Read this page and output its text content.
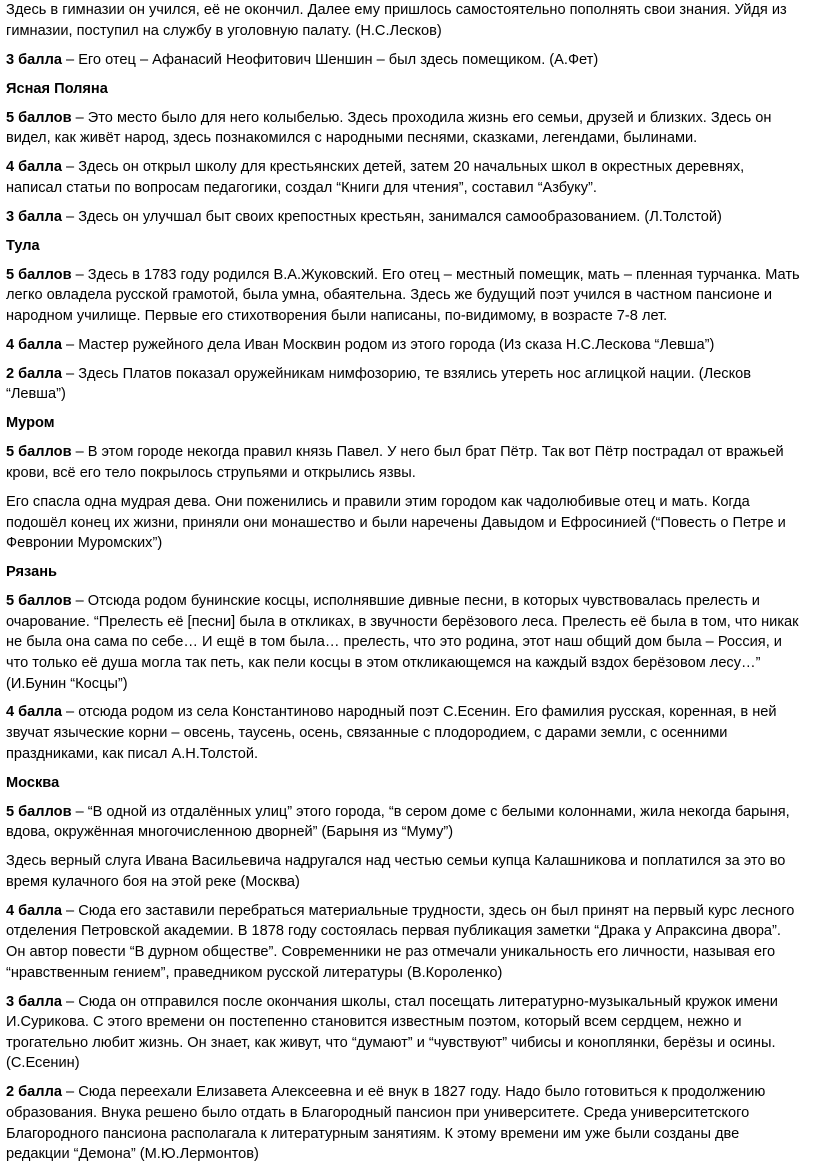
Здесь в гимназии он учился, её не окончил. Далее ему пришлось самостоятельно пополнять свои знания. Уйдя из гимназии, поступил на службу в уголовную палату. (Н.С.Лесков)

3 балла – Его отец – Афанасий Неофитович Шеншин – был здесь помещиком. (А.Фет)

Ясная Поляна

5 баллов – Это место было для него колыбелью. Здесь проходила жизнь его семьи, друзей и близких. Здесь он видел, как живёт народ, здесь познакомился с народными песнями, сказками, легендами, былинами.

4 балла – Здесь он открыл школу для крестьянских детей, затем 20 начальных школ в окрестных деревнях, написал статьи по вопросам педагогики, создал “Книги для чтения”, составил “Азбуку”.

3 балла – Здесь он улучшал быт своих крепостных крестьян, занимался самообразованием. (Л.Толстой)

Тула

5 баллов – Здесь в 1783 году родился В.А.Жуковский. Его отец – местный помещик, мать – пленная турчанка. Мать легко овладела русской грамотой, была умна, обаятельна. Здесь же будущий поэт учился в частном пансионе и народном училище. Первые его стихотворения были написаны, по-видимому, в возрасте 7-8 лет.

4 балла – Мастер ружейного дела Иван Москвин родом из этого города (Из сказа Н.С.Лескова “Левша”)

2 балла – Здесь Платов показал оружейникам нимфозорию, те взялись утереть нос аглицкой нации. (Лесков “Левша”)

Муром

5 баллов – В этом городе некогда правил князь Павел. У него был брат Пётр. Так вот Пётр пострадал от вражьей крови, всё его тело покрылось струпьями и открылись язвы.

Его спасла одна мудрая дева. Они поженились и правили этим городом как чадолюбивые отец и мать. Когда подошёл конец их жизни, приняли они монашество и были наречены Давыдом и Ефросинией (“Повесть о Петре и Февронии Муромских”)

Рязань

5 баллов – Отсюда родом бунинские косцы, исполнявшие дивные песни, в которых чувствовалась прелесть и очарование. “Прелесть её [песни] была в откликах, в звучности берёзового леса. Прелесть её была в том, что никак не была она сама по себе… И ещё в том была… прелесть, что это родина, этот наш общий дом была – Россия, и что только её душа могла так петь, как пели косцы в этом откликающемся на каждый вздох берёзовом лесу…” (И.Бунин “Косцы”)

4 балла – отсюда родом из села Константиново народный поэт С.Есенин. Его фамилия русская, коренная, в ней звучат языческие корни – овсень, таусень, осень, связанные с плодородием, с дарами земли, с осенними праздниками, как писал А.Н.Толстой.

Москва

5 баллов – “В одной из отдалённых улиц” этого города, “в сером доме с белыми колоннами, жила некогда барыня, вдова, окружённая многочисленною дворней” (Барыня из “Муму”)

Здесь верный слуга Ивана Васильевича надругался над честью семьи купца Калашникова и поплатился за это во время кулачного боя на этой реке (Москва)

4 балла – Сюда его заставили перебраться материальные трудности, здесь он был принят на первый курс лесного отделения Петровской академии. В 1878 году состоялась первая публикация заметки “Драка у Апраксина двора”. Он автор повести “В дурном обществе”. Современники не раз отмечали уникальность его личности, называя его “нравственным гением”, праведником русской литературы (В.Короленко)

3 балла – Сюда он отправился после окончания школы, стал посещать литературно-музыкальный кружок имени И.Сурикова. С этого времени он постепенно становится известным поэтом, который всем сердцем, нежно и трогательно любит жизнь. Он знает, как живут, что “думают” и “чувствуют” чибисы и коноплянки, берёзы и осины. (С.Есенин)

2 балла – Сюда переехали Елизавета Алексеевна и её внук в 1827 году. Надо было готовиться к продолжению образования. Внука решено было отдать в Благородный пансион при университете. Среда университетского Благородного пансиона располагала к литературным занятиям. К этому времени им уже были созданы две редакции “Демона” (М.Ю.Лермонтов)
